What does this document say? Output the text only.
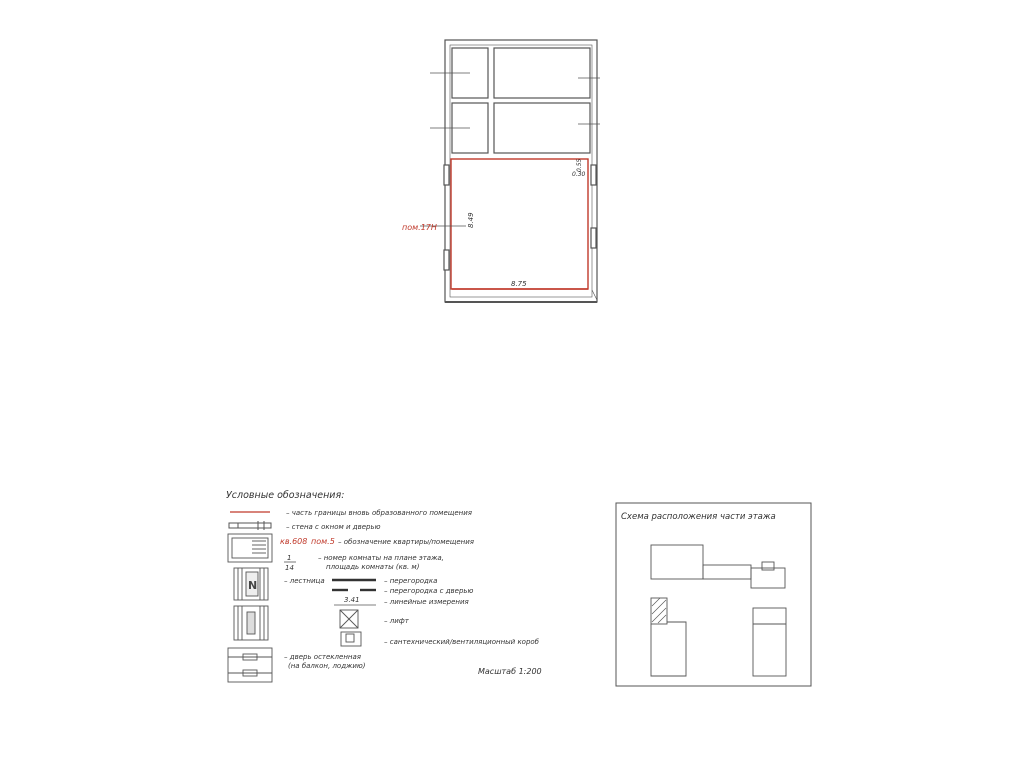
пом.17Н	8.49
8.75
0.55
0.30
Условные обозначения:
– часть границы вновь образованного помещения
– стена с окном и дверью
кв.608 пом.5 – обозначение квартиры/помещения
1
14
– номер комнаты на плане этажа,
площадь комнаты (кв. м)
N	– лестница	– перегородка
– перегородка с дверью
3.41	– линейные измерения
– лифт
– сантехнический/вентиляционный короб
– дверь остекленная
(на балкон, лоджию)
Масштаб 1:200
Схема расположения части этажа
